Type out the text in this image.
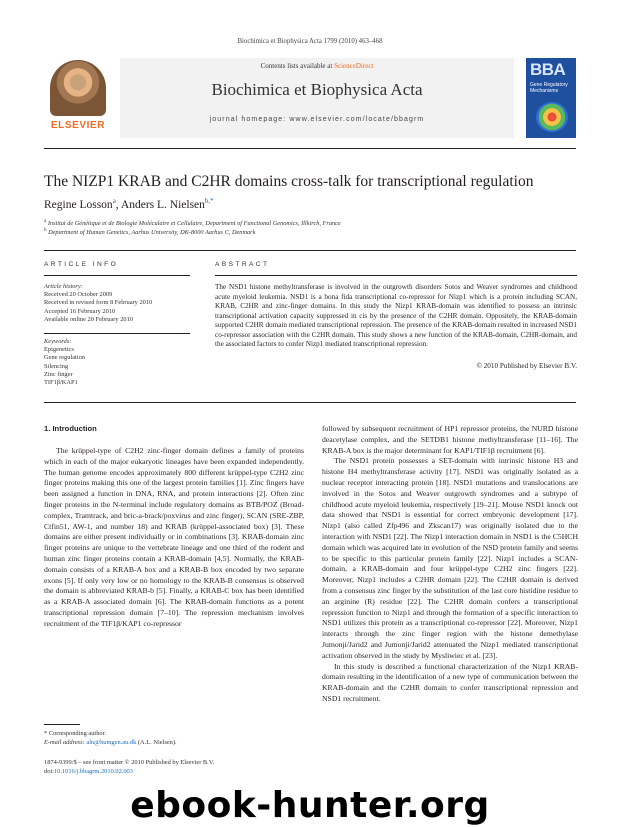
Biochimica et Biophysica Acta 1799 (2010) 463–468
ELSEVIER
Contents lists available at ScienceDirect
Biochimica et Biophysica Acta
journal homepage: www.elsevier.com/locate/bbagrm
BBA
Gene Regulatory Mechanisms
The NIZP1 KRAB and C2HR domains cross-talk for transcriptional regulation
Regine Losson$^a$, Anders L. Nielsen$^{b,*}$
$^a$ Institut de Génétique et de Biologie Moléculaire et Cellulaire, Department of Functional Genomics, Illkirch, France
$^b$ Department of Human Genetics, Aarhus University, DK-8000 Aarhus C, Denmark
ARTICLE INFO	ABSTRACT
Article history:
Received 20 October 2009
Received in revised form 8 February 2010
Accepted 16 February 2010
Available online 20 February 2010
Keywords:
Epigenetics
Gene regulation
Silencing
Zinc finger
TIF1β/KAP1
The NSD1 histone methyltransferase is involved in the outgrowth disorders Sotos and Weaver syndromes and childhood acute myeloid leukemia. NSD1 is a bona fida transcriptional co-repressor for Nizp1 which is a protein including SCAN, KRAB, C2HR and zinc-finger domains. In this study the Nizp1 KRAB-domain was identified to possess an intrinsic transcriptional activation capacity suppressed in cis by the presence of the C2HR domain. Oppositely, the KRAB-domain supported C2HR domain mediated transcriptional repression. The presence of the KRAB-domain resulted in increased NSD1 co-repressor association with the C2HR domain. This study shows a new function of the KRAB-domain, C2HR-domain, and the associated factors to confer Nizp1 mediated transcriptional repression.
© 2010 Published by Elsevier B.V.
1. Introduction

The krüppel-type of C2H2 zinc-finger domain defines a family of proteins which in each of the major eukaryotic lineages have been expanded independently. The human genome encodes approximately 800 different krüppel-type C2H2 zinc finger proteins making this one of the largest protein families [1]. Zinc fingers have been assigned a function in DNA, RNA, and protein interactions [2]. Often zinc finger proteins in the N-terminal include regulatory domains as BTB/POZ (Broad-complex, Tramtrack, and bric-a-brack/poxvirus and zinc finger), SCAN (SRE-ZBP, Ctfin51, AW-1, and number 18) and KRAB (krüppel-associated box) [3]. These domains are either present individually or in combinations [3]. KRAB-domain zinc finger proteins are unique to the vertebrate lineage and one third of the rodent and human zinc finger proteins contain a KRAB-domain [4,5]. Normally, the KRAB-domain consists of a KRAB-A box and a KRAB-B box encoded by two separate exons [5]. If only very low or no homology to the KRAB-B consensus is observed the domain is abbreviated KRAB-b [5]. Finally, a KRAB-C box has been identified as a KRAB-A associated domain [6]. The KRAB-domain functions as a potent transcriptional repression domain [7–10]. The repression mechanism involves recruitment of the TIF1β/KAP1 co-repressor

followed by subsequent recruitment of HP1 repressor proteins, the NURD histone deacetylase complex, and the SETDB1 histone methyltransferase [11–16]. The KRAB-A box is the major determinant for KAP1/TIF1β recruitment [6].

The NSD1 protein possesses a SET-domain with intrinsic histone H3 and histone H4 methyltransferase activity [17]. NSD1 was originally isolated as a nuclear receptor interacting protein [18]. NSD1 mutations and translocations are involved in the Sotos and Weaver outgrowth syndromes and a subtype of childhood acute myeloid leukemia, respectively [19–21]. Mouse NSD1 knock out data showed that NSD1 is essential for correct embryonic development [17]. Nizp1 (also called Zfp496 and Zkscan17) was originally isolated due to the interaction with NSD1 [22]. The Nizp1 interaction domain in NSD1 is the C5HCH domain which was acquired late in evolution of the NSD protein family and seems to be specific to this particular protein family [22]. Nizp1 includes a SCAN-domain, a KRAB-domain and four krüppel-type C2H2 zinc fingers [22]. Moreover, Nizp1 includes a C2HR domain [22]. The C2HR domain is derived from a consensus zinc finger by the substitution of the last core histidine residue to an arginine (R) residue [22]. The C2HR domain confers a transcriptional repression function to Nizp1 and through the formation of a specific interaction to NSD1 utilizes this protein as a transcriptional co-repressor [22]. Moreover, Nizp1 interacts through the zinc finger region with the histone demethylase Jumonji/Jarid2 and Jumonji/Jarid2 attenuated the Nizp1 mediated transcriptional activation observed in the study by Mysliwiec et al. [23].

In this study is described a functional characterization of the Nizp1 KRAB-domain resulting in the identification of a new type of communication between the KRAB-domain and the C2HR domain to confer transcriptional repression and NSD1 recruitment.

* Corresponding author.
E-mail address: aln@humgen.au.dk (A.L. Nielsen).
1874-9399/$ – see front matter © 2010 Published by Elsevier B.V.
doi:10.1016/j.bbagrm.2010.02.003
ebook-hunter.org
